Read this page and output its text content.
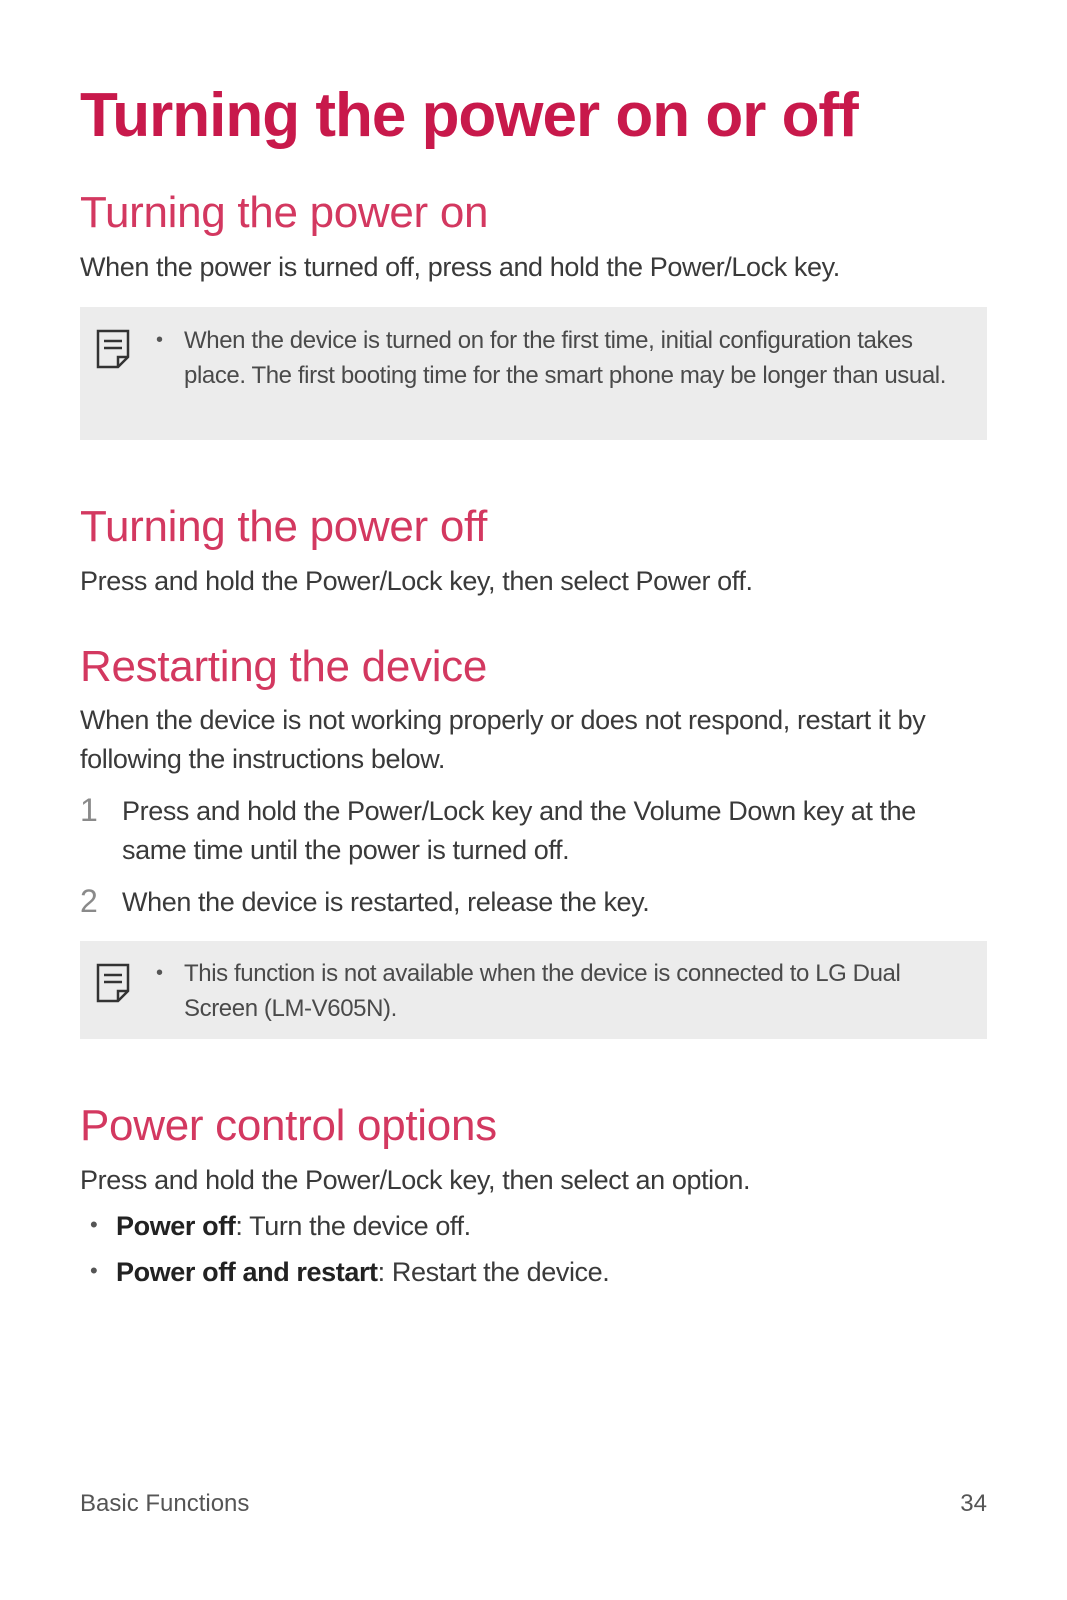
Turning the power on or off
Turning the power on

When the power is turned off, press and hold the Power/Lock key.

• When the device is turned on for the first time, initial configuration takes place. The first booting time for the smart phone may be longer than usual.

Turning the power off

Press and hold the Power/Lock key, then select Power off.

Restarting the device

When the device is not working properly or does not respond, restart it by following the instructions below.

1 Press and hold the Power/Lock key and the Volume Down key at the same time until the power is turned off.

2 When the device is restarted, release the key.

• This function is not available when the device is connected to LG Dual Screen (LM-V605N).

Power control options

Press and hold the Power/Lock key, then select an option.

• Power off: Turn the device off.

• Power off and restart: Restart the device.

Basic Functions	34
